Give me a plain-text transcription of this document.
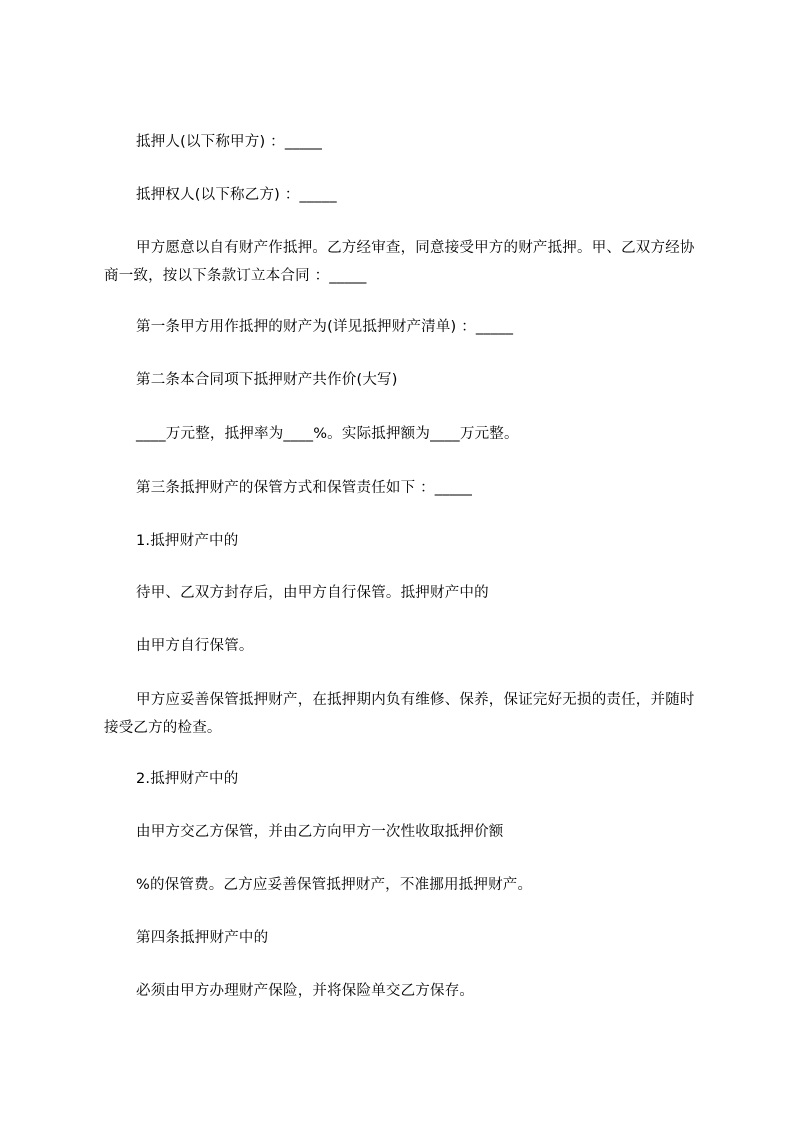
抵押人(以下称甲方) ：_____
抵押权人(以下称乙方) ：_____
甲方愿意以自有财产作抵押。乙方经审查，同意接受甲方的财产抵押。甲、乙双方经协商一致，按以下条款订立本合同 ：_____
第一条甲方用作抵押的财产为(详见抵押财产清单) ：_____
第二条本合同项下抵押财产共作价(大写)
____万元整，抵押率为____%。实际抵押额为____万元整。
第三条抵押财产的保管方式和保管责任如下 ：_____
1.抵押财产中的
待甲、乙双方封存后，由甲方自行保管。抵押财产中的
由甲方自行保管。
甲方应妥善保管抵押财产，在抵押期内负有维修、保养，保证完好无损的责任，并随时接受乙方的检查。
2.抵押财产中的
由甲方交乙方保管，并由乙方向甲方一次性收取抵押价额
%的保管费。乙方应妥善保管抵押财产，不准挪用抵押财产。
第四条抵押财产中的
必须由甲方办理财产保险，并将保险单交乙方保存。
